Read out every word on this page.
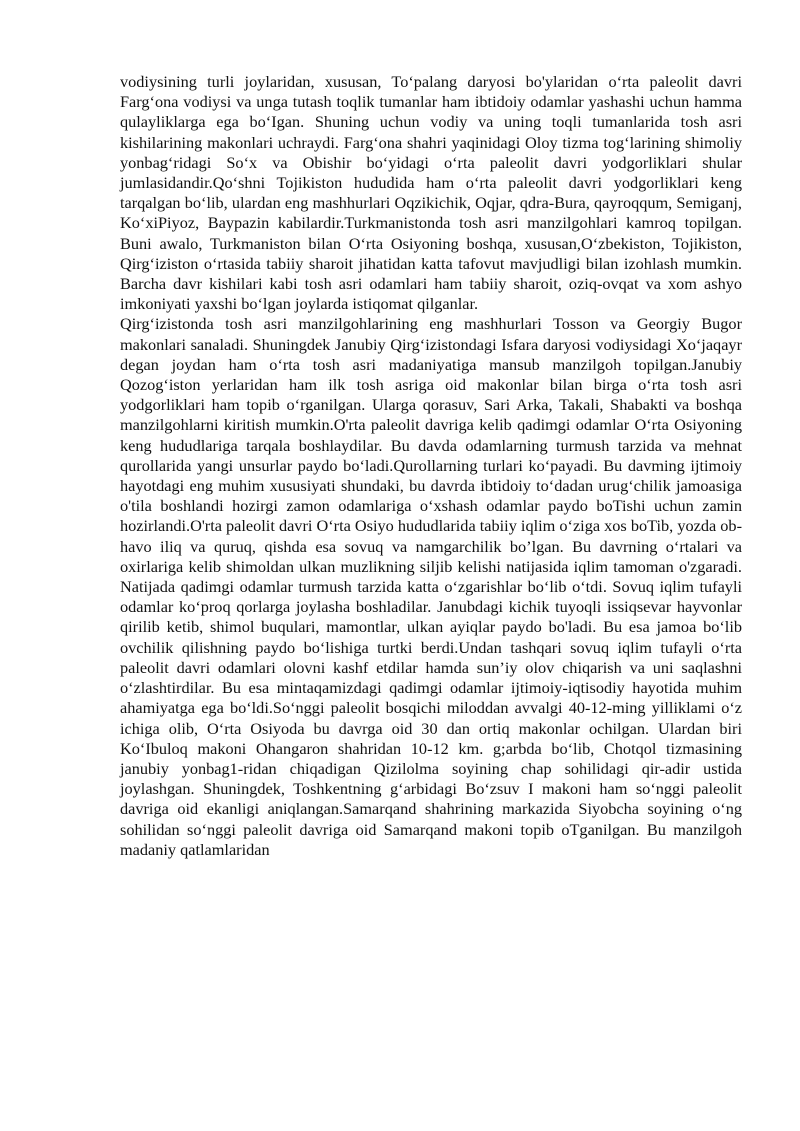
vodiysining turli joylaridan, xususan, To‘palang daryosi bo'ylaridan o‘rta paleolit davri Farg‘ona vodiysi va unga tutash toqlik tumanlar ham ibtidoiy odamlar yashashi uchun hamma qulayliklarga ega bo‘Igan. Shuning uchun vodiy va uning toqli tumanlarida tosh asri kishilarining makonlari uchraydi. Farg‘ona shahri yaqinidagi Oloy tizma tog‘larining shimoliy yonbag‘ridagi So‘x va Obishir bo‘yidagi o‘rta paleolit davri yodgorliklari shular jumlasidandir.Qo‘shni Tojikiston hududida ham o‘rta paleolit davri yodgorliklari keng tarqalgan bo‘lib, ulardan eng mashhurlari Oqzikichik, Oqjar, qdra-Bura, qayroqqum, Semiganj, Ko‘xiPiyoz, Baypazin kabilardir.Turkmanistonda tosh asri manzilgohlari kamroq topilgan. Buni awalo, Turkmaniston bilan O‘rta Osiyoning boshqa, xususan,O‘zbekiston, Tojikiston, Qirg‘iziston o‘rtasida tabiiy sharoit jihatidan katta tafovut mavjudligi bilan izohlash mumkin. Barcha davr kishilari kabi tosh asri odamlari ham tabiiy sharoit, oziq-ovqat va xom ashyo imkoniyati yaxshi bo‘lgan joylarda istiqomat qilganlar.

Qirg‘izistonda tosh asri manzilgohlarining eng mashhurlari Tosson va Georgiy Bugor makonlari sanaladi. Shuningdek Janubiy Qirg‘izistondagi Isfara daryosi vodiysidagi Xo‘jaqayr degan joydan ham o‘rta tosh asri madaniyatiga mansub manzilgoh topilgan.Janubiy Qozog‘iston yerlaridan ham ilk tosh asriga oid makonlar bilan birga o‘rta tosh asri yodgorliklari ham topib o‘rganilgan. Ularga qorasuv, Sari Arka, Takali, Shabakti va boshqa manzilgohlarni kiritish mumkin.O'rta paleolit davriga kelib qadimgi odamlar O‘rta Osiyoning keng hududlariga tarqala boshlaydilar. Bu davda odamlarning turmush tarzida va mehnat qurollarida yangi unsurlar paydo bo‘ladi.Qurollarning turlari ko‘payadi. Bu davming ijtimoiy hayotdagi eng muhim xususiyati shundaki, bu davrda ibtidoiy to‘dadan urug‘chilik jamoasiga o'tila boshlandi hozirgi zamon odamlariga o‘xshash odamlar paydo boTishi uchun zamin hozirlandi.O'rta paleolit davri O‘rta Osiyo hududlarida tabiiy iqlim o‘ziga xos boTib, yozda ob-havo iliq va quruq, qishda esa sovuq va namgarchilik bo’lgan. Bu davrning o‘rtalari va oxirlariga kelib shimoldan ulkan muzlikning siljib kelishi natijasida iqlim tamoman o'zgaradi. Natijada qadimgi odamlar turmush tarzida katta o‘zgarishlar bo‘lib o‘tdi. Sovuq iqlim tufayli odamlar ko‘proq qorlarga joylasha boshladilar. Janubdagi kichik tuyoqli issiqsevar hayvonlar qirilib ketib, shimol buqulari, mamontlar, ulkan ayiqlar paydo bo'ladi. Bu esa jamoa bo‘lib ovchilik qilishning paydo bo‘lishiga turtki berdi.Undan tashqari sovuq iqlim tufayli o‘rta paleolit davri odamlari olovni kashf etdilar hamda sun’iy olov chiqarish va uni saqlashni o‘zlashtirdilar. Bu esa mintaqamizdagi qadimgi odamlar ijtimoiy-iqtisodiy hayotida muhim ahamiyatga ega bo‘ldi.So‘nggi paleolit bosqichi miloddan avvalgi 40-12-ming yilliklami o‘z ichiga olib, O‘rta Osiyoda bu davrga oid 30 dan ortiq makonlar ochilgan. Ulardan biri Ko‘Ibuloq makoni Ohangaron shahridan 10-12 km. g;arbda bo‘lib, Chotqol tizmasining janubiy yonbag1-ridan chiqadigan Qizilolma soyining chap sohilidagi qir-adir ustida joylashgan. Shuningdek, Toshkentning g‘arbidagi Bo‘zsuv I makoni ham so‘nggi paleolit davriga oid ekanligi aniqlangan.Samarqand shahrining markazida Siyobcha soyining o‘ng sohilidan so‘nggi paleolit davriga oid Samarqand makoni topib oTganilgan. Bu manzilgoh madaniy qatlamlaridan
